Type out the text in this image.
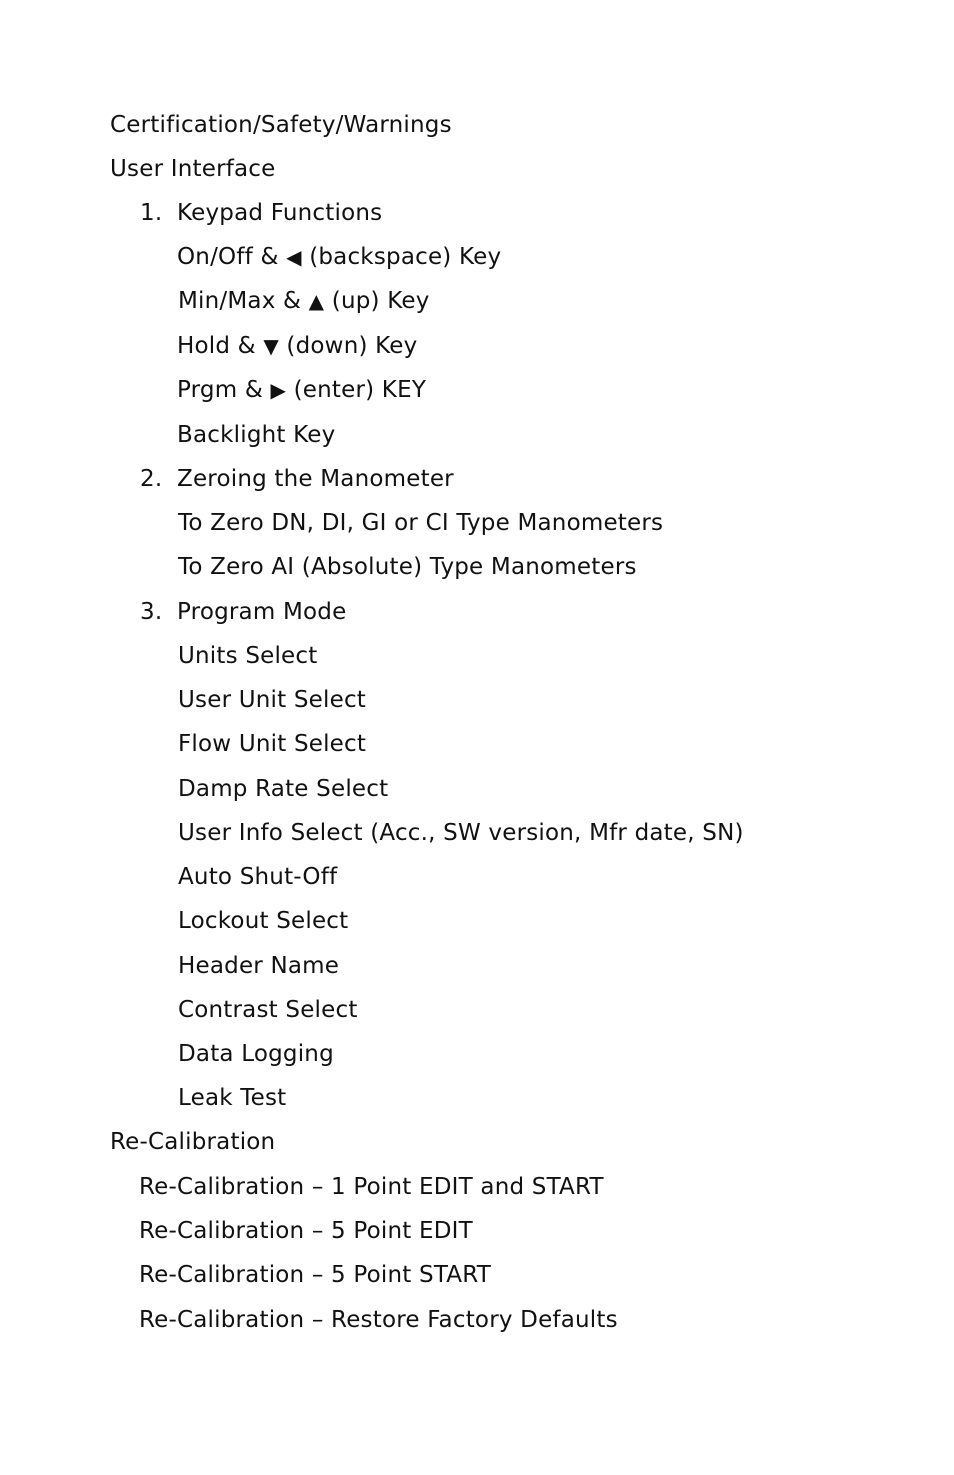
Certification/Safety/Warnings
User Interface
1. Keypad Functions
On/Off & ◀ (backspace) Key
Min/Max & ▲ (up) Key
Hold & ▼ (down) Key
Prgm & ▶ (enter) KEY
Backlight Key
2. Zeroing the Manometer
To Zero DN, DI, GI or CI Type Manometers
To Zero AI (Absolute) Type Manometers
3. Program Mode
Units Select
User Unit Select
Flow Unit Select
Damp Rate Select
User Info Select (Acc., SW version, Mfr date, SN)
Auto Shut-Off
Lockout Select
Header Name
Contrast Select
Data Logging
Leak Test
Re-Calibration
Re-Calibration – 1 Point EDIT and START
Re-Calibration – 5 Point EDIT
Re-Calibration – 5 Point START
Re-Calibration – Restore Factory Defaults
